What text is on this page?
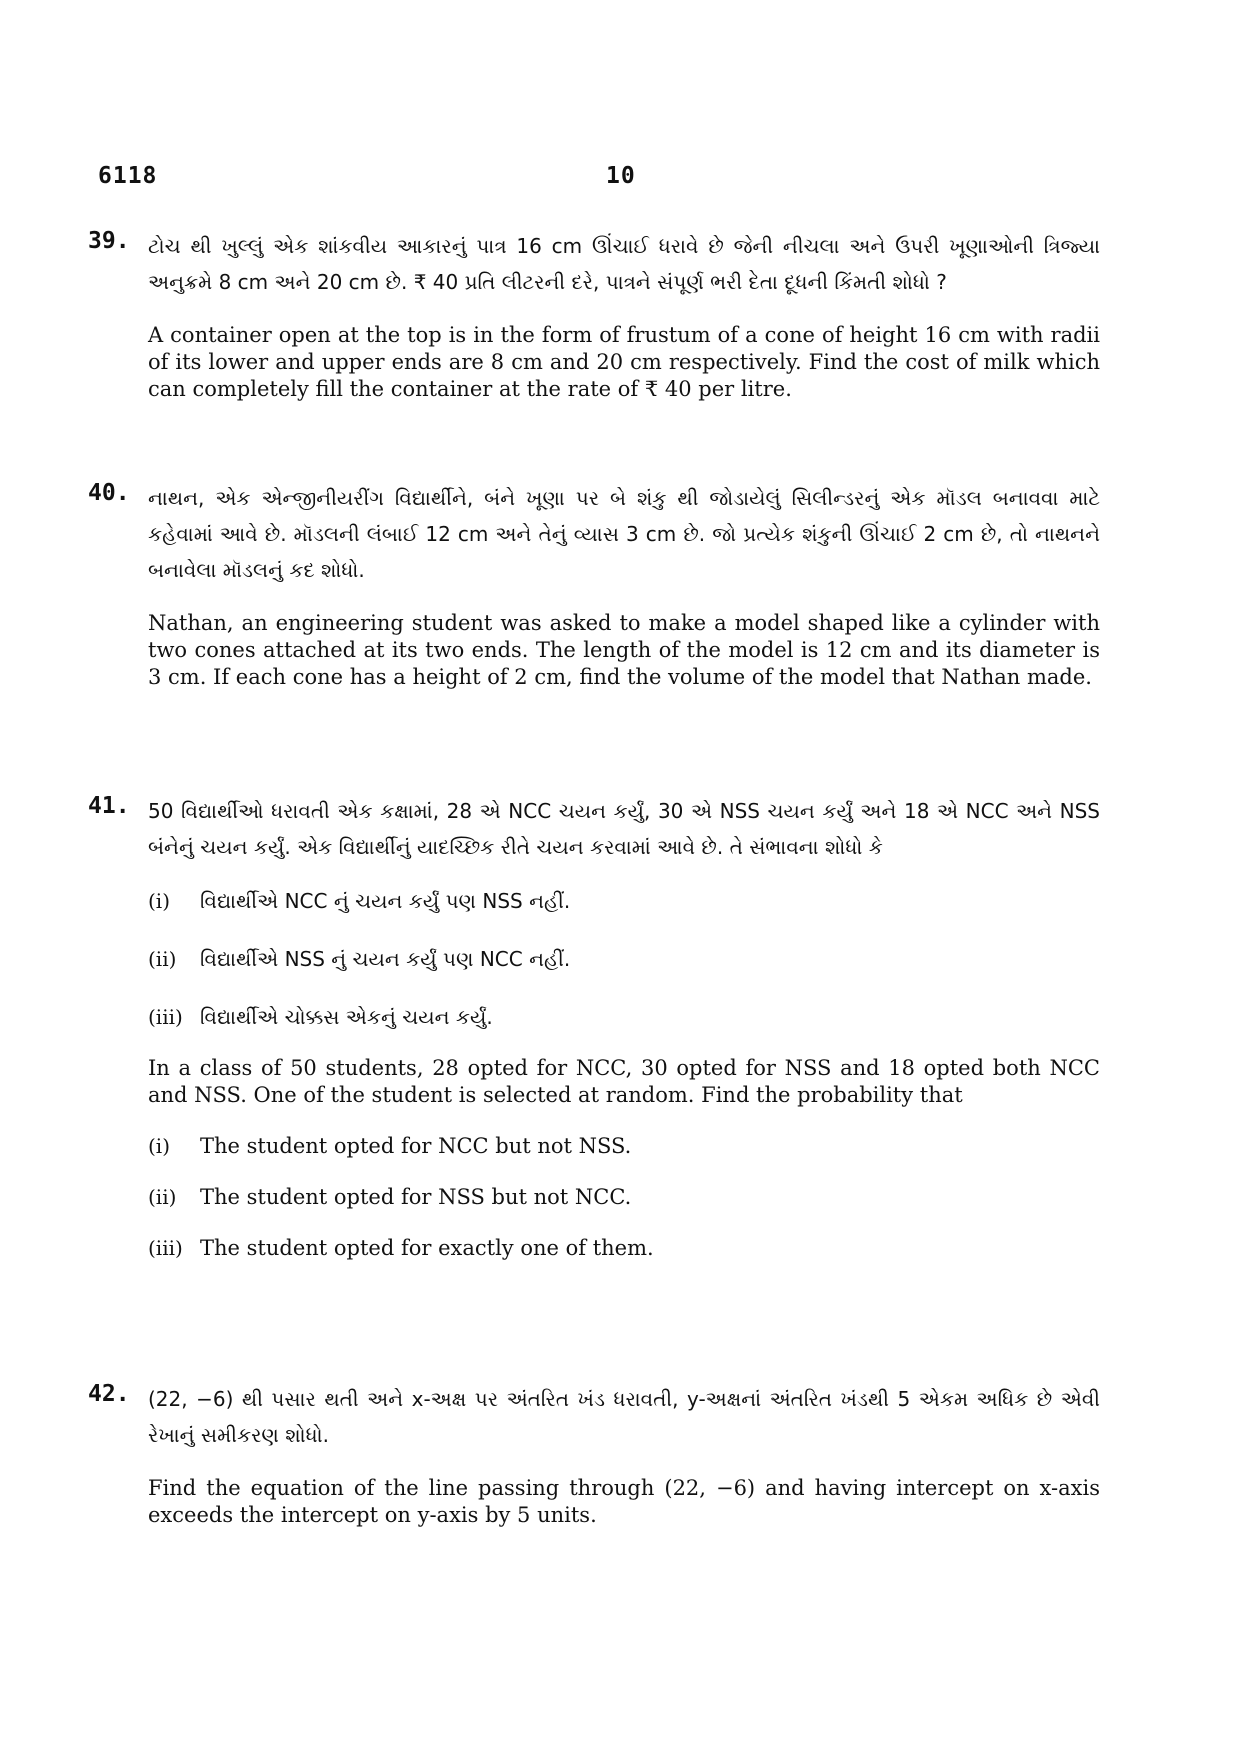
6118	10
39. ટોચ થી ખુલ્લું એક શાંકવીય આકારનું પાત્ર 16 cm ઊંચાઈ ધરાવે છે જેની નીચલા અને ઉપરી ખૂણાઓની ત્રિજ્યા અનુક્રમે 8 cm અને 20 cm છે. ₹ 40 પ્રતિ લીટરની દરે, પાત્રને સંપૂર્ણ ભરી દેતા દૂધની કિંમતી શોધો ?

A container open at the top is in the form of frustum of a cone of height 16 cm with radii of its lower and upper ends are 8 cm and 20 cm respectively. Find the cost of milk which can completely fill the container at the rate of ₹ 40 per litre.

40. નાથન, એક એન્જીનીયરીંગ વિદ્યાર્થીને, બંને ખૂણા પર બે શંકુ થી જોડાયેલું સિલીન્ડરનું એક મૉડલ બનાવવા માટે કહેવામાં આવે છે. મૉડલની લંબાઈ 12 cm અને તેનું વ્યાસ 3 cm છે. જો પ્રત્યેક શંકુની ઊંચાઈ 2 cm છે, તો નાથનને બનાવેલા મૉડલનું કદ શોધો.

Nathan, an engineering student was asked to make a model shaped like a cylinder with two cones attached at its two ends. The length of the model is 12 cm and its diameter is 3 cm. If each cone has a height of 2 cm, find the volume of the model that Nathan made.

41. 50 વિદ્યાર્થીઓ ધરાવતી એક કક્ષામાં, 28 એ NCC ચયન કર્યું, 30 એ NSS ચયન કર્યું અને 18 એ NCC અને NSS બંનેનું ચયન કર્યું. એક વિદ્યાર્થીનું યાદચ્છિક રીતે ચયન કરવામાં આવે છે. તે સંભાવના શોધો કે

(i) વિદ્યાર્થીએ NCC નું ચયન કર્યું પણ NSS નહીં.

(ii) વિદ્યાર્થીએ NSS નું ચયન કર્યું પણ NCC નહીં.

(iii) વિદ્યાર્થીએ ચોક્કસ એકનું ચયન કર્યું.

In a class of 50 students, 28 opted for NCC, 30 opted for NSS and 18 opted both NCC and NSS. One of the student is selected at random. Find the probability that

(i) The student opted for NCC but not NSS.

(ii) The student opted for NSS but not NCC.

(iii) The student opted for exactly one of them.

42. (22, −6) થી પસાર થતી અને x-અક્ષ પર અંતરિત ખંડ ધરાવતી, y-અક્ષનાં અંતરિત ખંડથી 5 એકમ અધિક છે એવી રેખાનું સમીકરણ શોધો.

Find the equation of the line passing through (22, −6) and having intercept on x-axis exceeds the intercept on y-axis by 5 units.
